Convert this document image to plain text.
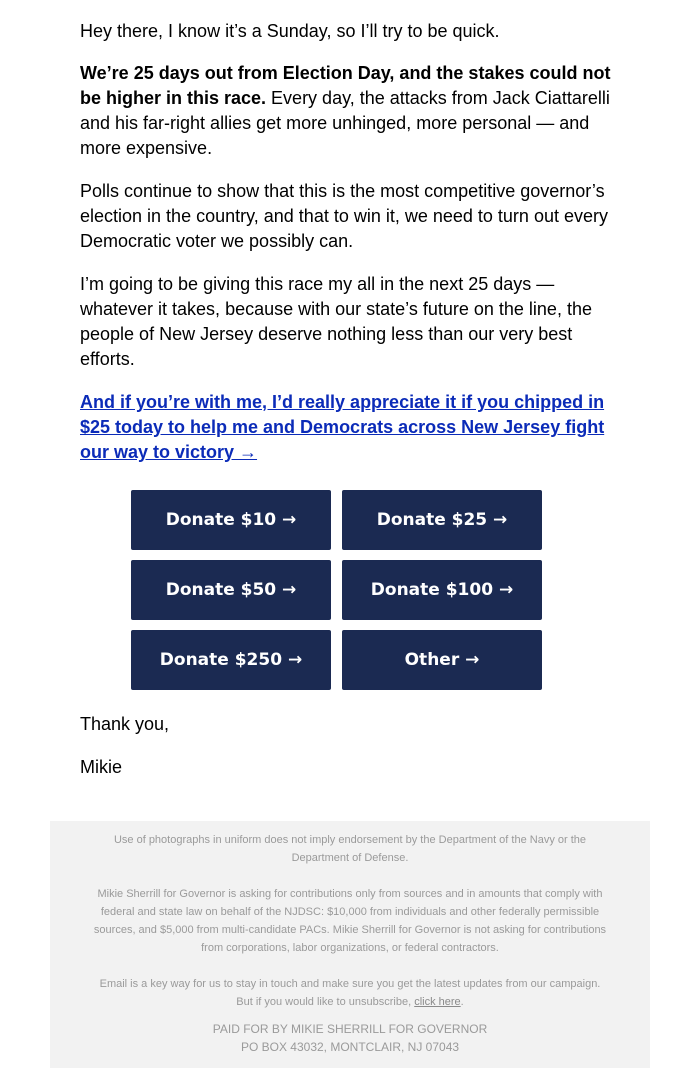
Hey there, I know it’s a Sunday, so I’ll try to be quick.

We’re 25 days out from Election Day, and the stakes could not be higher in this race. Every day, the attacks from Jack Ciattarelli and his far-right allies get more unhinged, more personal — and more expensive.

Polls continue to show that this is the most competitive governor’s election in the country, and that to win it, we need to turn out every Democratic voter we possibly can.

I’m going to be giving this race my all in the next 25 days — whatever it takes, because with our state’s future on the line, the people of New Jersey deserve nothing less than our very best efforts.

And if you’re with me, I’d really appreciate it if you chipped in $25 today to help me and Democrats across New Jersey fight our way to victory →

Donate $10 →	Donate $25 →
Donate $50 →	Donate $100 →
Donate $250 →	Other →

Thank you,

Mikie

Use of photographs in uniform does not imply endorsement by the Department of the Navy or the Department of Defense.

Mikie Sherrill for Governor is asking for contributions only from sources and in amounts that comply with federal and state law on behalf of the NJDSC: $10,000 from individuals and other federally permissible sources, and $5,000 from multi-candidate PACs. Mikie Sherrill for Governor is not asking for contributions from corporations, labor organizations, or federal contractors.

Email is a key way for us to stay in touch and make sure you get the latest updates from our campaign. But if you would like to unsubscribe, click here.

PAID FOR BY MIKIE SHERRILL FOR GOVERNOR
PO BOX 43032, MONTCLAIR, NJ 07043
